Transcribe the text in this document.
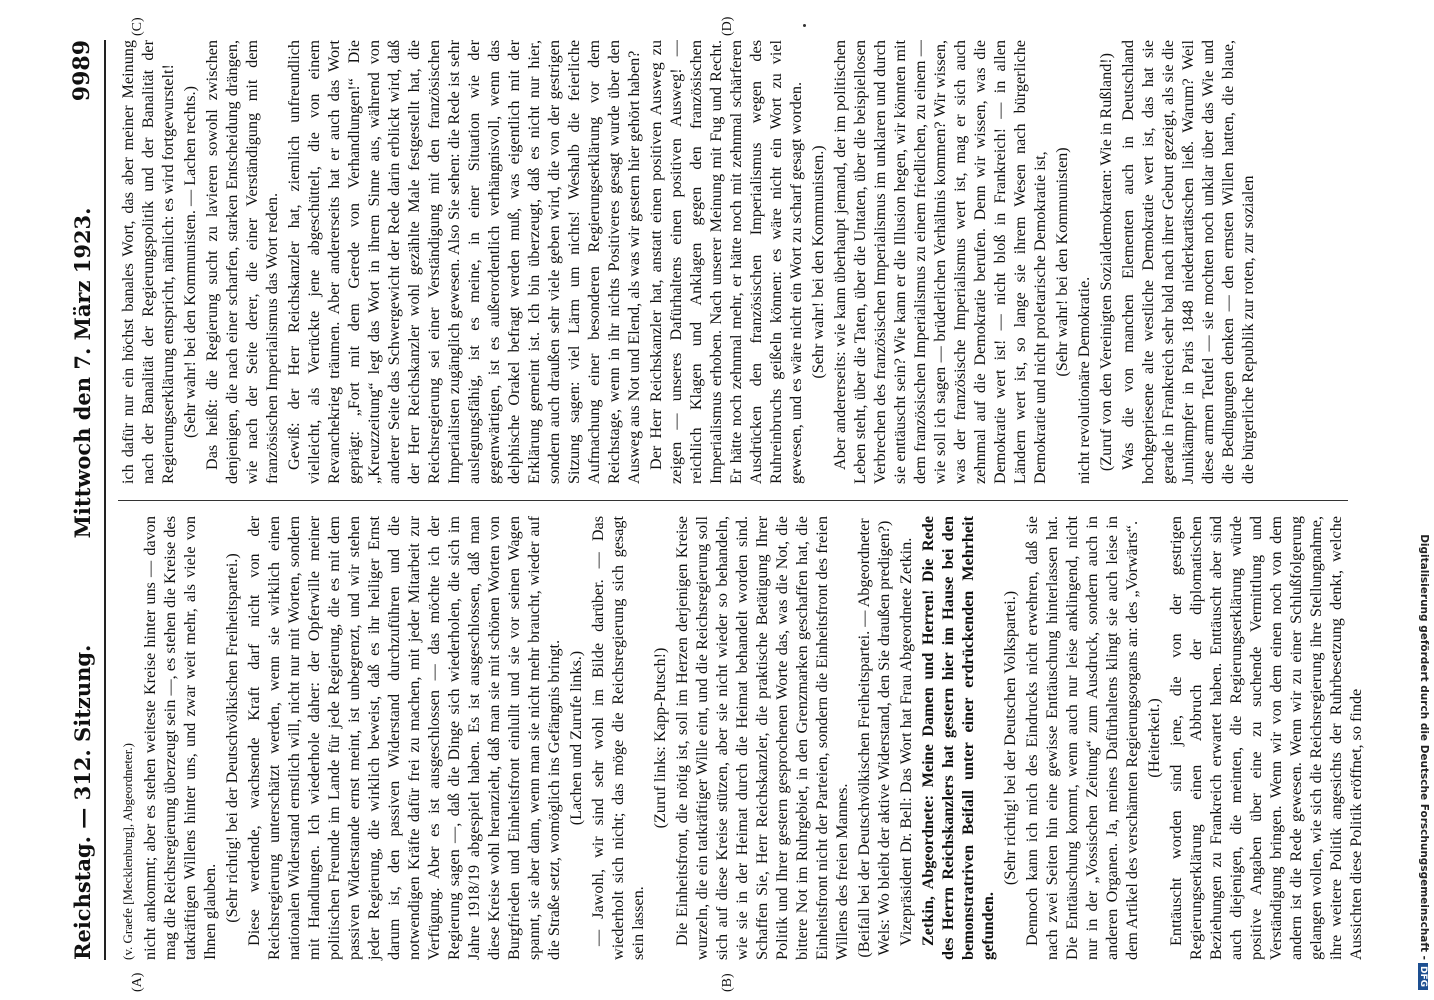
Reichstag. — 312. Sitzung.
Mittwoch den 7. März 1923.
9989
(A)	(B)
(C)	(D)

(v. Graefe [Mecklenburg], Abgeordneter.) nicht ankommt; aber es stehen weiteste Kreise hinter uns — davon mag die Reichsregierung überzeugt sein —, es stehen die Kreise des tatkräftigen Willens hinter uns, und zwar weit mehr, als viele von Ihnen glauben. (Sehr richtig! bei der Deutschvölkischen Freiheitspartei.) Diese werdende, wachsende Kraft darf nicht von der Reichsregierung unterschätzt werden, wenn sie wirklich einen nationalen Widerstand ernstlich will, nicht nur mit Worten, sondern mit Handlungen. Ich wiederhole daher: der Opferwille meiner politischen Freunde im Lande für jede Regierung, die es mit dem passiven Widerstande ernst meint, ist unbegrenzt, und wir stehen jeder Regierung, die wirklich beweist, daß es ihr heiliger Ernst darum ist, den passiven Widerstand durchzuführen und die notwendigen Kräfte dafür frei zu machen, mit jeder Mitarbeit zur Verfügung. Aber es ist ausgeschlossen — das möchte ich der Regierung sagen —, daß die Dinge sich wiederholen, die sich im Jahre 1918/19 abgespielt haben. Es ist ausgeschlossen, daß man diese Kreise wohl heranzieht, daß man sie mit schönen Worten von Burgfrieden und Einheitsfront einlullt und sie vor seinen Wagen spannt, sie aber dann, wenn man sie nicht mehr braucht, wieder auf die Straße setzt, womöglich ins Gefängnis bringt. (Lachen und Zurufe links.) — Jawohl, wir sind sehr wohl im Bilde darüber. — Das wiederholt sich nicht; das möge die Reichsregierung sich gesagt sein lassen.

(Zuruf links: Kapp-Putsch!) Die Einheitsfront, die nötig ist, soll im Herzen derjenigen Kreise wurzeln, die ein tatkräftiger Wille eint, und die Reichsregierung soll sich auf diese Kreise stützen, aber sie nicht wieder so behandeln, wie sie in der Heimat durch die Heimat behandelt worden sind. Schaffen Sie, Herr Reichskanzler, die praktische Betätigung Ihrer Politik und Ihrer gestern gesprochenen Worte das, was die Not, die bittere Not im Ruhrgebiet, in den Grenzmarken geschaffen hat, die Einheitsfront nicht der Parteien, sondern die Einheitsfront des freien Willens des freien Mannes. (Beifall bei der Deutschvölkischen Freiheitspartei. — Abgeordneter Wels: Wo bleibt der aktive Widerstand, den Sie draußen predigen?) Vizepräsident Dr. Bell: Das Wort hat Frau Abgeordnete Zetkin. Zetkin, Abgeordnete: Meine Damen und Herren! Die Rede des Herrn Reichskanzlers hat gestern hier im Hause bei den bemonstratriven Beifall unter einer erdrückenden Mehrheit gefunden.

(Sehr richtig! bei der Deutschen Volkspartei.) Dennoch kann ich mich des Eindrucks nicht erwehren, daß sie nach zwei Seiten hin eine gewisse Enttäuschung hinterlassen hat. Die Enttäuschung kommt, wenn auch nur leise anklingend, nicht nur in der „Vossischen Zeitung“ zum Ausdruck, sondern auch in anderen Organen. Ja, meines Dafürhaltens klingt sie auch leise in dem Artikel des verschämten Regierungsorgans an: des „Vorwärts“. (Heiterkeit.) Enttäuscht worden sind jene, die von der gestrigen Regierungserklärung einen Abbruch der diplomatischen Beziehungen zu Frankreich erwartet haben. Enttäuscht aber sind auch diejenigen, die meinten, die Regierungserklärung würde positive Angaben über eine zu suchende Vermittlung und Verständigung bringen. Wenn wir von dem einen noch von dem andern ist die Rede gewesen. Wenn wir zu einer Schlußfolgerung gelangen wollen, wie sich die Reichsregierung ihre Stellungnahme, ihre weitere Politik angesichts der Ruhrbesetzung denkt, welche Aussichten diese Politik eröffnet, so finde

ich dafür nur ein höchst banales Wort, das aber meiner Meinung nach der Banalität der Regierungspolitik und der Banalität der Regierungserklärung entspricht, nämlich: es wird fortgewurstelt! (Sehr wahr! bei den Kommunisten. — Lachen rechts.) Das heißt: die Regierung sucht zu lavieren sowohl zwischen denjenigen, die nach einer scharfen, starken Entscheidung drängen, wie nach der Seite derer, die einer Verständigung mit dem französischen Imperialismus das Wort reden. Gewiß: der Herr Reichskanzler hat, ziemlich unfreundlich vielleicht, als Verrückte jene abgeschüttelt, die von einem Revanchekrieg träumen. Aber andererseits hat er auch das Wort geprägt: „Fort mit dem Gerede von Verhandlungen!“ Die „Kreuzzeitung“ legt das Wort in ihrem Sinne aus, während von anderer Seite das Schwergewicht der Rede darin erblickt wird, daß der Herr Reichskanzler wohl gezählte Male festgestellt hat, die Reichsregierung sei einer Verständigung mit den französischen Imperialisten zugänglich gewesen. Also Sie sehen: die Rede ist sehr auslegungsfähig, ist es meine, in einer Situation wie der gegenwärtigen, ist es außerordentlich verhängnisvoll, wenn das delphische Orakel befragt werden muß, was eigentlich mit der Erklärung gemeint ist. Ich bin überzeugt, daß es nicht nur hier, sondern auch draußen sehr viele geben wird, die von der gestrigen Sitzung sagen: viel Lärm um nichts! Weshalb die feierliche Aufmachung einer besonderen Regierungserklärung vor dem Reichstage, wenn in ihr nichts Positiveres gesagt wurde über den Ausweg aus Not und Elend, als was wir gestern hier gehört haben? Der Herr Reichskanzler hat, anstatt einen positiven Ausweg zu zeigen — unseres Dafürhaltens einen positiven Ausweg! — reichlich Klagen und Anklagen gegen den französischen Imperialismus erhoben. Nach unserer Meinung mit Fug und Recht. Er hätte noch zehnmal mehr, er hätte noch mit zehnmal schärferen Ausdrücken den französischen Imperialismus wegen des Ruhreinbruchs geißeln können: es wäre nicht ein Wort zu viel gewesen, und es wäre nicht ein Wort zu scharf gesagt worden. (Sehr wahr! bei den Kommunisten.) Aber andererseits: wie kann überhaupt jemand, der im politischen Leben steht, über die Taten, über die Untaten, über die beispiellosen Verbrechen des französischen Imperialismus im unklaren und durch sie enttäuscht sein? Wie kann er die Illusion hegen, wir könnten mit dem französischen Imperialismus zu einem friedlichen, zu einem — wie soll ich sagen — brüderlichen Verhältnis kommen? Wir wissen, was der französische Imperialismus wert ist, mag er sich auch zehnmal auf die Demokratie berufen. Denn wir wissen, was die Demokratie wert ist! — nicht bloß in Frankreich! — in allen Ländern wert ist, so lange sie ihrem Wesen nach bürgerliche Demokratie und nicht proletarische Demokratie ist, (Sehr wahr! bei den Kommunisten)

nicht revolutionäre Demokratie. (Zuruf von den Vereinigten Sozialdemokraten: Wie in Rußland!) Was die von manchen Elementen auch in Deutschland hochgepriesene alte westliche Demokratie wert ist, das hat sie gerade in Frankreich sehr bald nach ihrer Geburt gezeigt, als sie die Junikämpfer in Paris 1848 niederkartätschen ließ. Warum? Weil diese armen Teufel — sie mochten noch unklar über das Wie und die Bedingungen denken — den ernsten Willen hatten, die blaue, die bürgerliche Republik zur roten, zur sozialen

Digitalisierung gefördert durch die Deutsche Forschungsgemeinschaft -DFG
